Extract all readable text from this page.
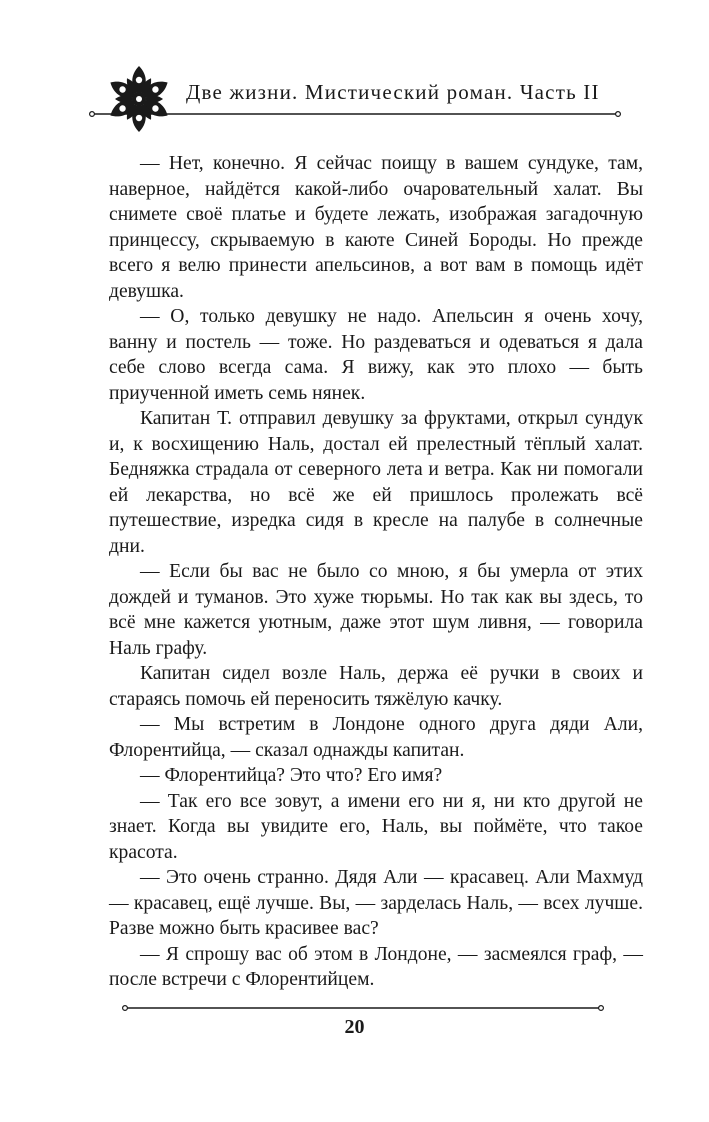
Две жизни. Мистический роман. Часть II

— Нет, конечно. Я сейчас поищу в вашем сундуке, там, наверное, найдётся какой-либо очаровательный халат. Вы снимете своё платье и будете лежать, изображая загадочную принцессу, скрываемую в каюте Синей Бороды. Но прежде всего я велю принести апельсинов, а вот вам в помощь идёт девушка.

— О, только девушку не надо. Апельсин я очень хочу, ванну и постель — тоже. Но раздеваться и одеваться я дала себе слово всегда сама. Я вижу, как это плохо — быть приученной иметь семь нянек.

Капитан Т. отправил девушку за фруктами, открыл сундук и, к восхищению Наль, достал ей прелестный тёплый халат. Бедняжка страдала от северного лета и ветра. Как ни помогали ей лекарства, но всё же ей пришлось пролежать всё путешествие, изредка сидя в кресле на палубе в солнечные дни.

— Если бы вас не было со мною, я бы умерла от этих дождей и туманов. Это хуже тюрьмы. Но так как вы здесь, то всё мне кажется уютным, даже этот шум ливня, — говорила Наль графу.

Капитан сидел возле Наль, держа её ручки в своих и стараясь помочь ей переносить тяжёлую качку.

— Мы встретим в Лондоне одного друга дяди Али, Флорентийца, — сказал однажды капитан.

— Флорентийца? Это что? Его имя?

— Так его все зовут, а имени его ни я, ни кто другой не знает. Когда вы увидите его, Наль, вы поймёте, что такое красота.

— Это очень странно. Дядя Али — красавец. Али Махмуд — красавец, ещё лучше. Вы, — зарделась Наль, — всех лучше. Разве можно быть красивее вас?

— Я спрошу вас об этом в Лондоне, — засмеялся граф, — после встречи с Флорентийцем.

20
